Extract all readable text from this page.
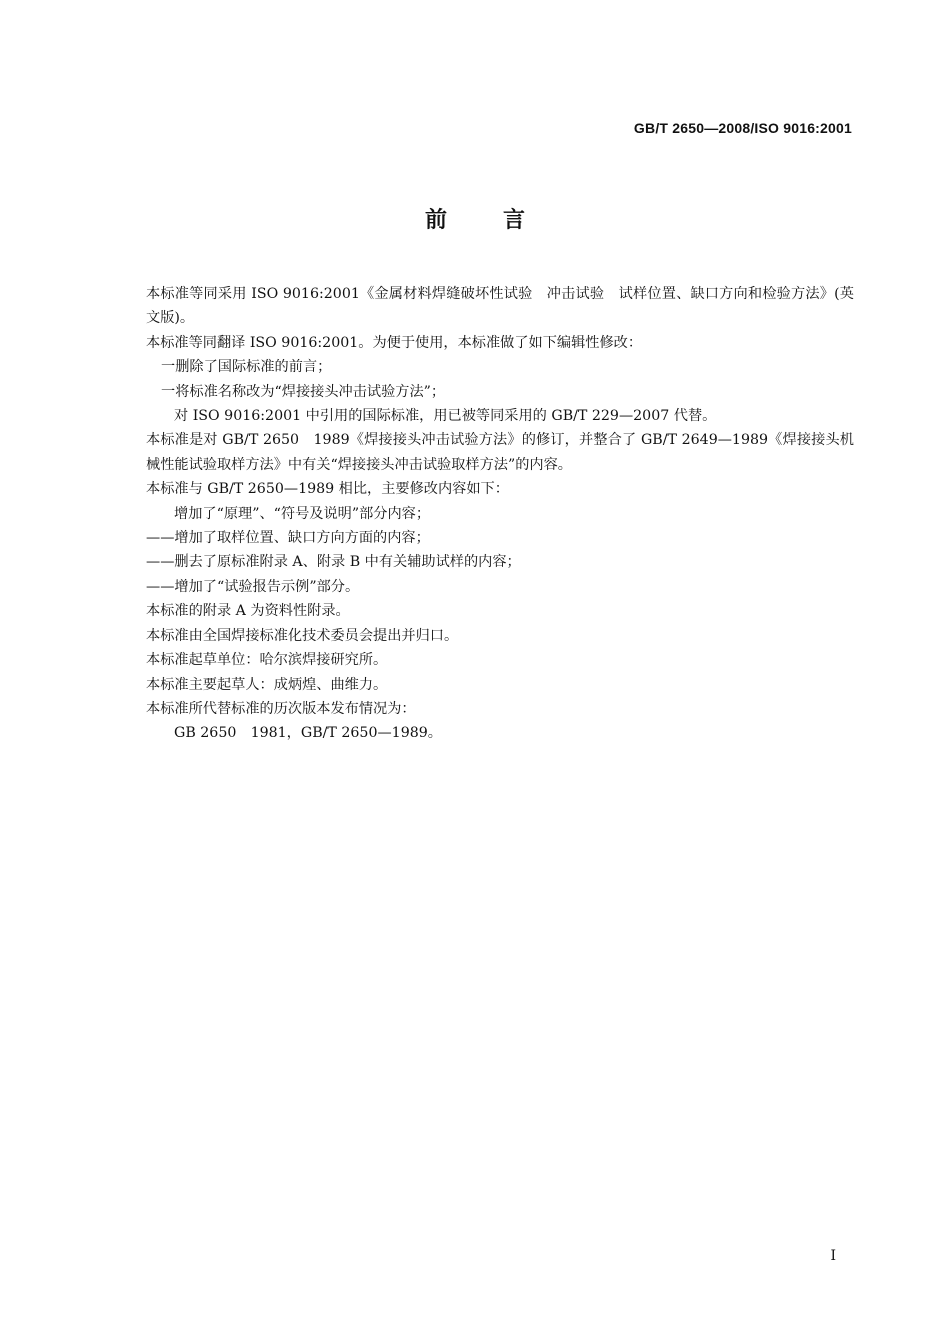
GB/T 2650—2008/ISO 9016:2001
前言

本标准等同采用 ISO 9016:2001《金属材料焊缝破坏性试验　冲击试验　试样位置、缺口方向和检验方法》(英文版)。

本标准等同翻译 ISO 9016:2001。为便于使用，本标准做了如下编辑性修改：

一删除了国际标准的前言；

一将标准名称改为“焊接接头冲击试验方法”；

对 ISO 9016:2001 中引用的国际标准，用已被等同采用的 GB/T 229—2007 代替。

本标准是对 GB/T 2650　1989《焊接接头冲击试验方法》的修订，并整合了 GB/T 2649—1989《焊接接头机械性能试验取样方法》中有关“焊接接头冲击试验取样方法”的内容。

本标准与 GB/T 2650—1989 相比，主要修改内容如下：

增加了“原理”、“符号及说明”部分内容；

——增加了取样位置、缺口方向方面的内容；

——删去了原标准附录 A、附录 B 中有关辅助试样的内容；

——增加了“试验报告示例”部分。

本标准的附录 A 为资料性附录。

本标准由全国焊接标准化技术委员会提出并归口。

本标准起草单位：哈尔滨焊接研究所。

本标准主要起草人：成炳煌、曲维力。

本标准所代替标准的历次版本发布情况为：

GB 2650　1981，GB/T 2650—1989。

I
